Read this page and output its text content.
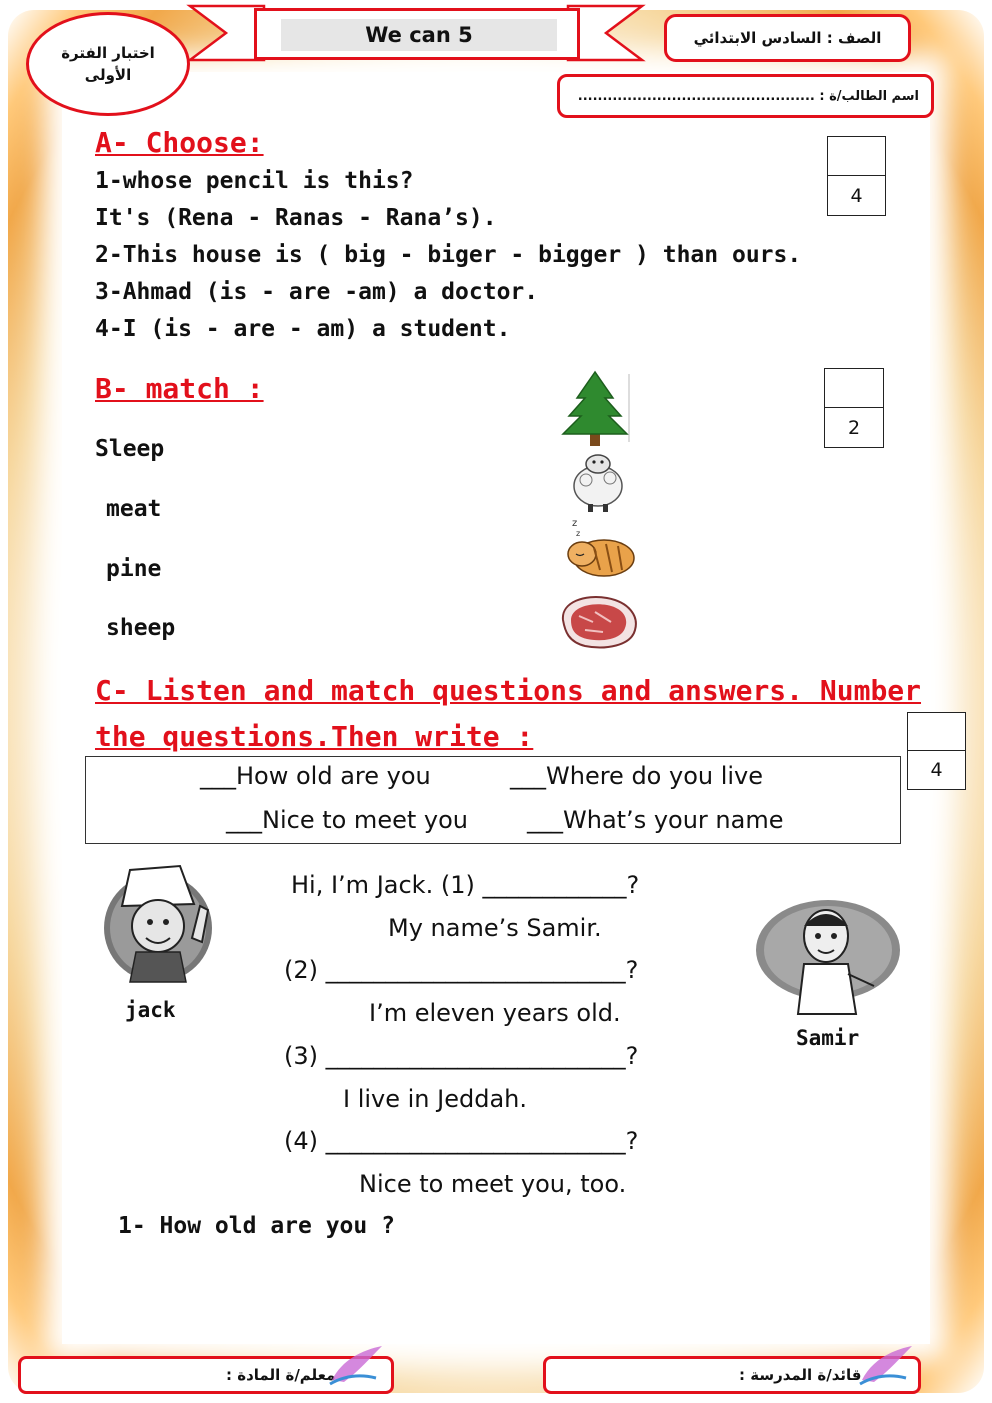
We can 5
اختبار الفترة الأولى
الصف : السادس الابتدائي
اسم الطالب/ة : ................................................
A- Choose:
4
1-whose pencil is this?
It's (Rena - Ranas - Rana’s).
2-This house is ( big - biger - bigger ) than ours.
3-Ahmad (is - are -am) a doctor.
4-I (is - are - am) a student.
B- match :
2
Sleep
meat
pine
sheep
z
z
C- Listen and match questions and answers. Number
the questions.Then write :
4
___How old are you	___Where do you live
___Nice to meet you ___What’s your name
Hi, I’m Jack. (1) ____________?
My name’s Samir.
(2) _________________________?
I’m eleven years old.
(3) _________________________?
I live in Jeddah.
(4) _________________________?
Nice to meet you, too.
jack
Samir
1- How old are you ?
معلم/ة المادة :	قائد/ة المدرسة :
